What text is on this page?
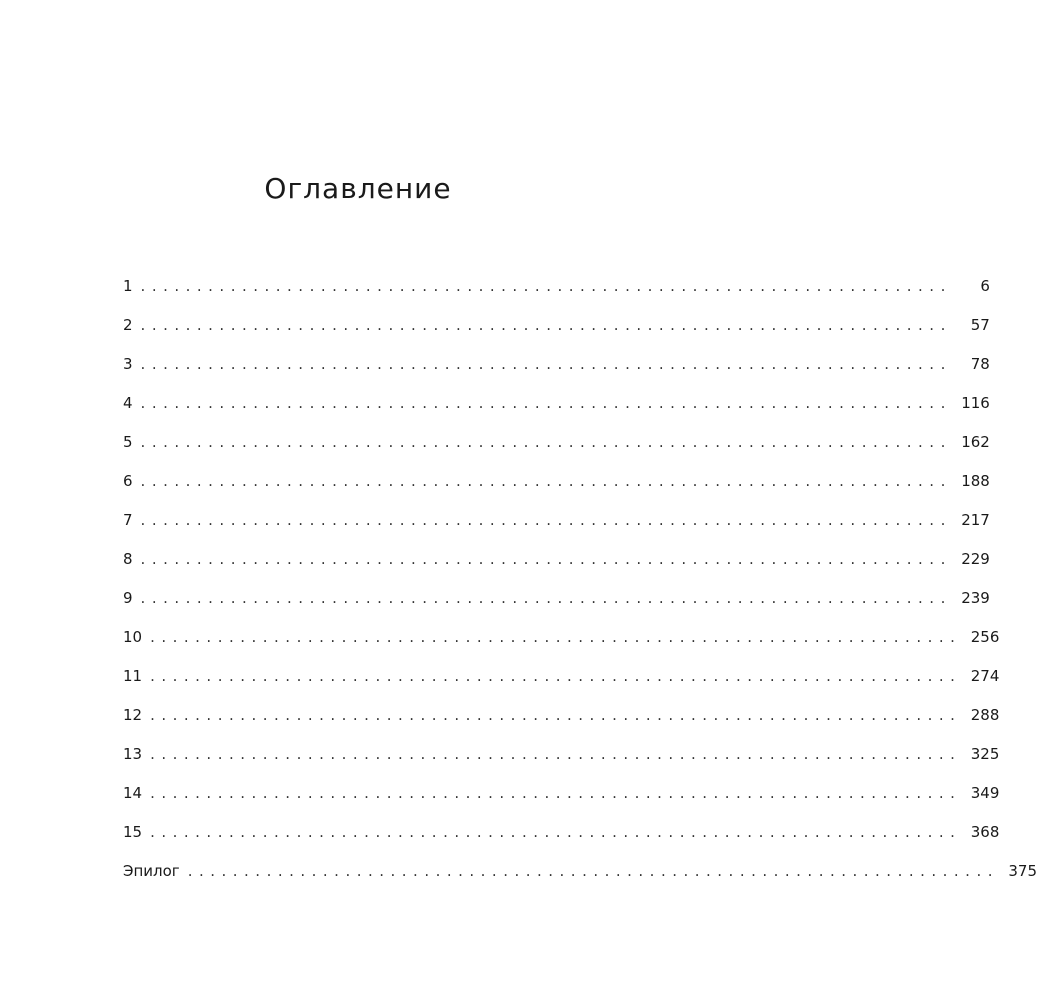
Оглавление
1 ........................................................................	6
2 ........................................................................	57
3 ........................................................................	78
4 ........................................................................ 116
5 ........................................................................ 162
6 ........................................................................ 188
7 ........................................................................ 217
8 ........................................................................ 229
9 ........................................................................ 239
10 ........................................................................ 256
11 ........................................................................ 274
12 ........................................................................ 288
13 ........................................................................ 325
14 ........................................................................ 349
15 ........................................................................ 368
Эпилог ........................................................................ 375
